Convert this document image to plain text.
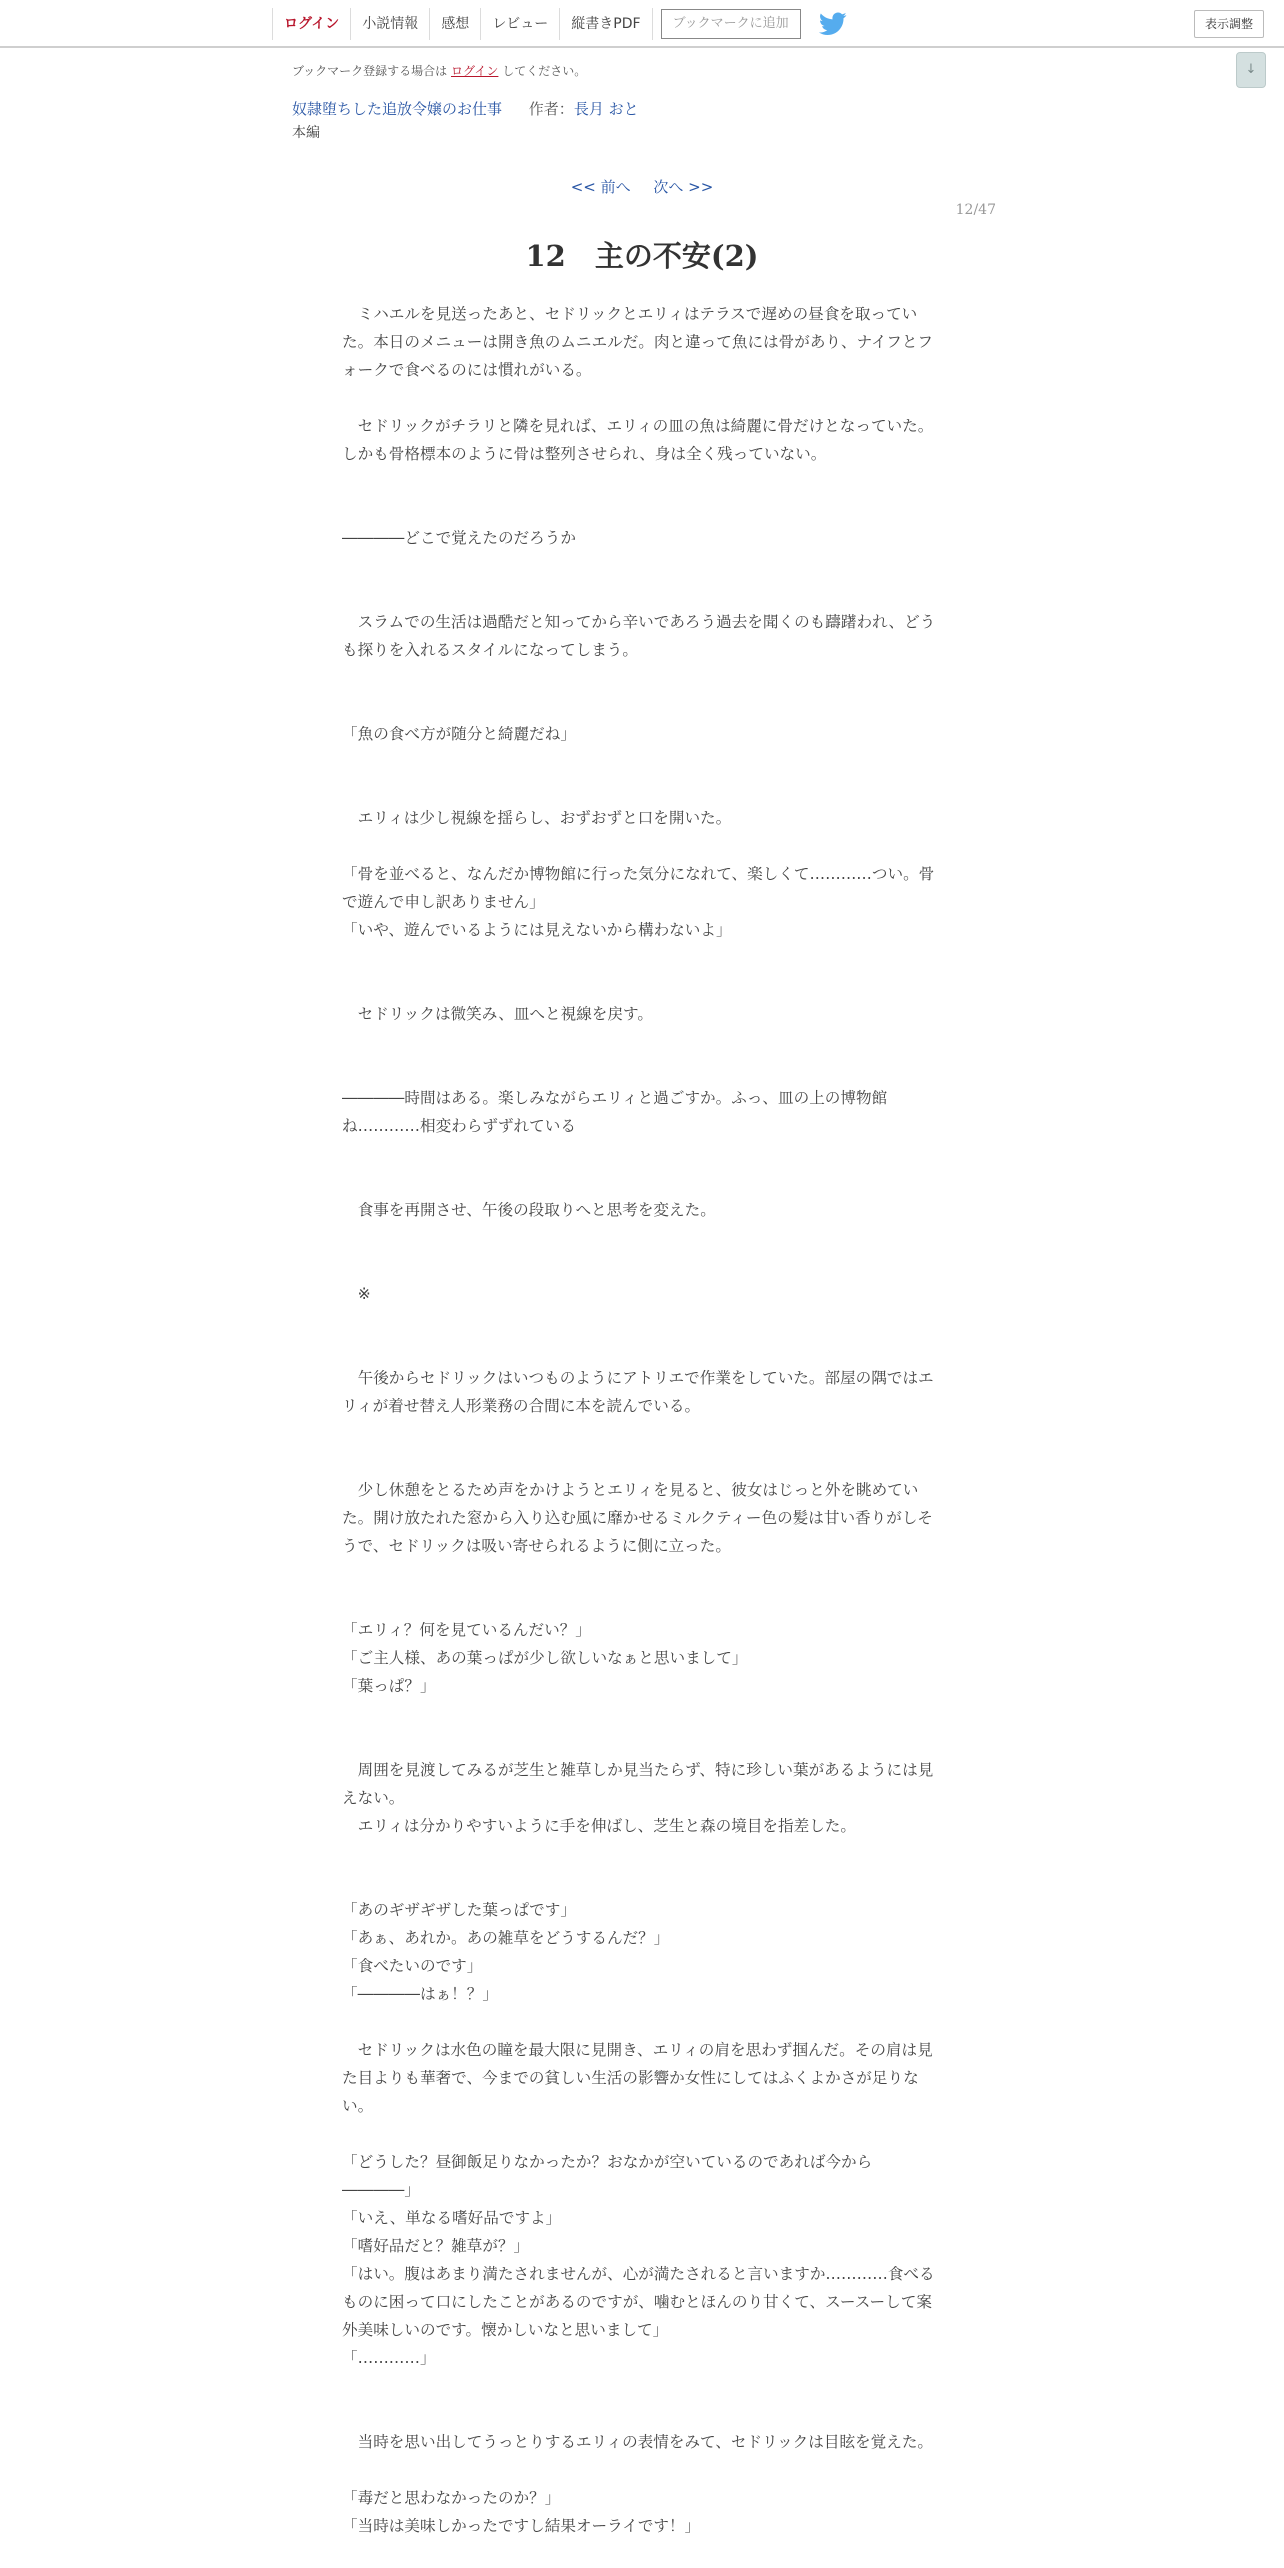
ログイン	小説情報	感想	レビュー	縦書きPDF	ブックマークに追加	表示調整
↓
ブックマーク登録する場合は ログイン してください。
奴隷堕ちした追放令嬢のお仕事 作者：長月 おと
本編
<< 前へ 次へ >>
12/47
12　主の不安(2)

　ミハエルを見送ったあと、セドリックとエリィはテラスで遅めの昼食を取っていた。本日のメニューは開き魚のムニエルだ。肉と違って魚には骨があり、ナイフとフォークで食べるのには慣れがいる。

　セドリックがチラリと隣を見れば、エリィの皿の魚は綺麗に骨だけとなっていた。しかも骨格標本のように骨は整列させられ、身は全く残っていない。

――――どこで覚えたのだろうか

　スラムでの生活は過酷だと知ってから辛いであろう過去を聞くのも躊躇われ、どうも探りを入れるスタイルになってしまう。

「魚の食べ方が随分と綺麗だね」

　エリィは少し視線を揺らし、おずおずと口を開いた。

「骨を並べると、なんだか博物館に行った気分になれて、楽しくて…………つい。骨で遊んで申し訳ありません」

「いや、遊んでいるようには見えないから構わないよ」

　セドリックは微笑み、皿へと視線を戻す。

――――時間はある。楽しみながらエリィと過ごすか。ふっ、皿の上の博物館ね…………相変わらずずれている

　食事を再開させ、午後の段取りへと思考を変えた。

　※

　午後からセドリックはいつものようにアトリエで作業をしていた。部屋の隅ではエリィが着せ替え人形業務の合間に本を読んでいる。

　少し休憩をとるため声をかけようとエリィを見ると、彼女はじっと外を眺めていた。開け放たれた窓から入り込む風に靡かせるミルクティー色の髪は甘い香りがしそうで、セドリックは吸い寄せられるように側に立った。

「エリィ？何を見ているんだい？」

「ご主人様、あの葉っぱが少し欲しいなぁと思いまして」

「葉っぱ？」

　周囲を見渡してみるが芝生と雑草しか見当たらず、特に珍しい葉があるようには見えない。

　エリィは分かりやすいように手を伸ばし、芝生と森の境目を指差した。

「あのギザギザした葉っぱです」

「あぁ、あれか。あの雑草をどうするんだ？」

「食べたいのです」

「――――はぁ！？」

　セドリックは水色の瞳を最大限に見開き、エリィの肩を思わず掴んだ。その肩は見た目よりも華奢で、今までの貧しい生活の影響か女性にしてはふくよかさが足りない。

「どうした？昼御飯足りなかったか？おなかが空いているのであれば今から――――」

「いえ、単なる嗜好品ですよ」

「嗜好品だと？雑草が？」

「はい。腹はあまり満たされませんが、心が満たされると言いますか…………食べるものに困って口にしたことがあるのですが、噛むとほんのり甘くて、スースーして案外美味しいのです。懐かしいなと思いまして」

「…………」

　当時を思い出してうっとりするエリィの表情をみて、セドリックは目眩を覚えた。

「毒だと思わなかったのか？」

「当時は美味しかったですし結果オーライです！」
